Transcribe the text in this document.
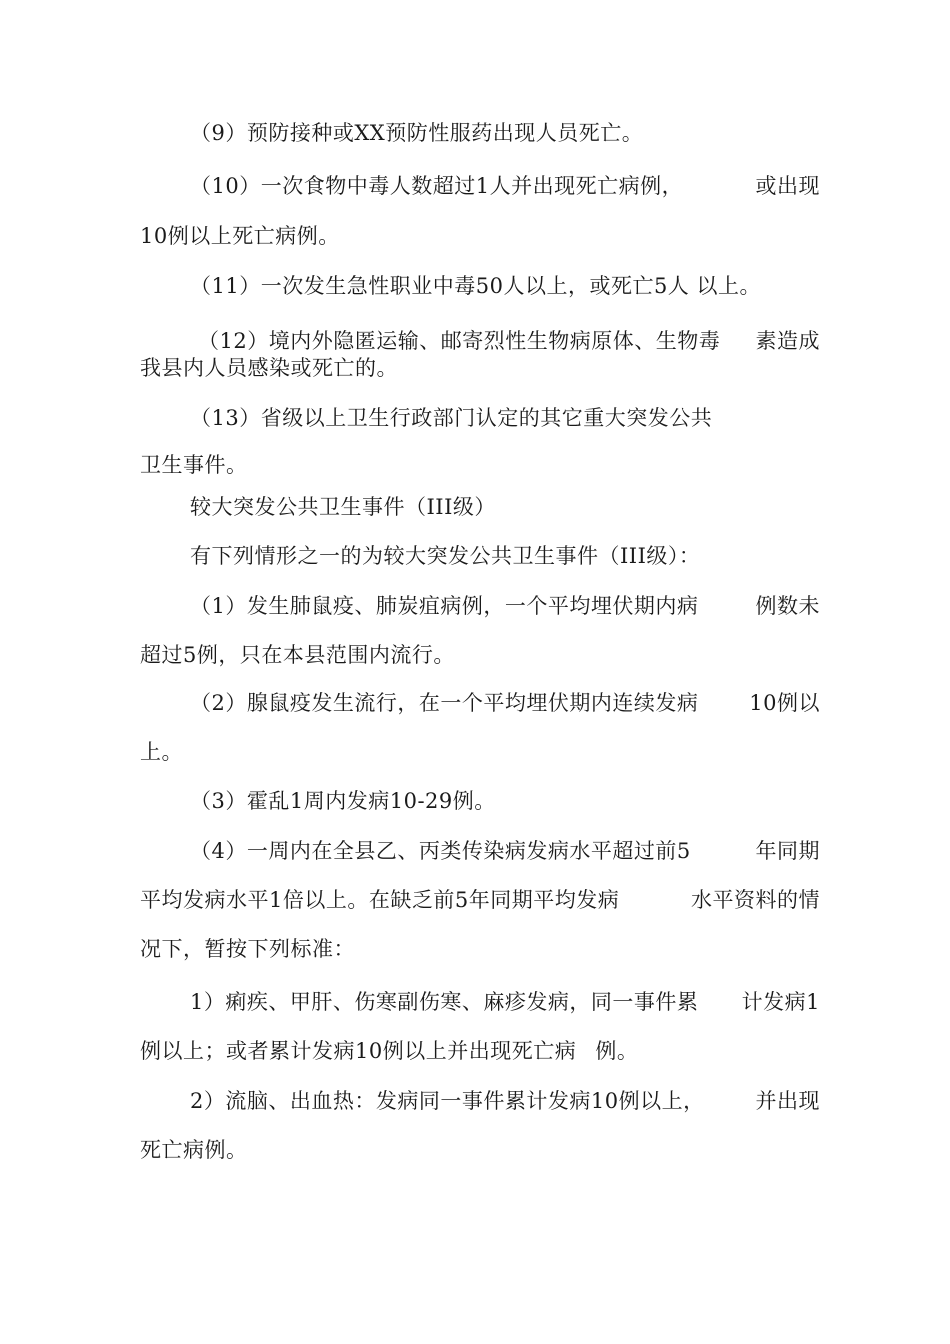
（9）预防接种或XX预防性服药出现人员死亡。
（10）一次食物中毒人数超过1人并出现死亡病例，	或出现
10例以上死亡病例。
（11）一次发生急性职业中毒50人以上，或死亡5人 以上。
（12）境内外隐匿运输、邮寄烈性生物病原体、生物毒 素造成
我县内人员感染或死亡的。
（13）省级以上卫生行政部门认定的其它重大突发公共
卫生事件。
较大突发公共卫生事件（III级）
有下列情形之一的为较大突发公共卫生事件（III级）：
（1）发生肺鼠疫、肺炭疽病例，一个平均埋伏期内病	例数未
超过5例，只在本县范围内流行。
（2）腺鼠疫发生流行，在一个平均埋伏期内连续发病 10例以
上。
（3）霍乱1周内发病10-29例。
（4）一周内在全县乙、丙类传染病发病水平超过前5	年同期
平均发病水平1倍以上。在缺乏前5年同期平均发病	水平资料的情
况下，暂按下列标准：
1）痢疾、甲肝、伤寒副伤寒、麻疹发病，同一事件累 计发病1
例以上；或者累计发病10例以上并出现死亡病 例。
2）流脑、出血热：发病同一事件累计发病10例以上， 并出现
死亡病例。
